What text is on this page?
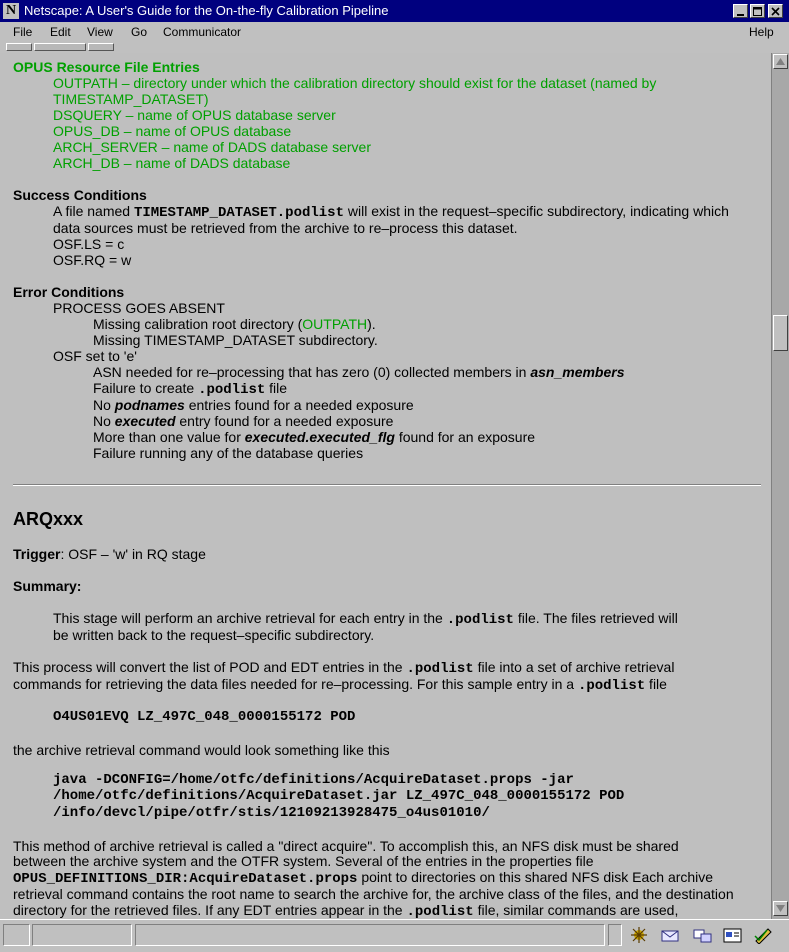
N Netscape: A User's Guide for the On-the-fly Calibration Pipeline
File Edit View Go Communicator	Help
OPUS Resource File Entries
OUTPATH – directory under which the calibration directory should exist for the dataset (named by
TIMESTAMP_DATASET)
DSQUERY – name of OPUS database server
OPUS_DB – name of OPUS database
ARCH_SERVER – name of DADS database server
ARCH_DB – name of DADS database
Success Conditions
A file named TIMESTAMP_DATASET.podlist will exist in the request–specific subdirectory, indicating which
data sources must be retrieved from the archive to re–process this dataset.
OSF.LS = c
OSF.RQ = w
Error Conditions
PROCESS GOES ABSENT
Missing calibration root directory (OUTPATH).
Missing TIMESTAMP_DATASET subdirectory.
OSF set to 'e'
ASN needed for re–processing that has zero (0) collected members in asn_members
Failure to create .podlist file
No podnames entries found for a needed exposure
No executed entry found for a needed exposure
More than one value for executed.executed_flg found for an exposure
Failure running any of the database queries
ARQxxx
Trigger: OSF – 'w' in RQ stage
Summary:
This stage will perform an archive retrieval for each entry in the .podlist file. The files retrieved will
be written back to the request–specific subdirectory.
This process will convert the list of POD and EDT entries in the .podlist file into a set of archive retrieval
commands for retrieving the data files needed for re–processing. For this sample entry in a .podlist file
O4US01EVQ LZ_497C_048_0000155172 POD
the archive retrieval command would look something like this
java -DCONFIG=/home/otfc/definitions/AcquireDataset.props -jar
/home/otfc/definitions/AcquireDataset.jar LZ_497C_048_0000155172 POD
/info/devcl/pipe/otfr/stis/12109213928475_o4us01010/
This method of archive retrieval is called a "direct acquire". To accomplish this, an NFS disk must be shared
between the archive system and the OTFR system. Several of the entries in the properties file
OPUS_DEFINITIONS_DIR:AcquireDataset.props point to directories on this shared NFS disk Each archive
retrieval command contains the root name to search the archive for, the archive class of the files, and the destination
directory for the retrieved files. If any EDT entries appear in the .podlist file, similar commands are used,
